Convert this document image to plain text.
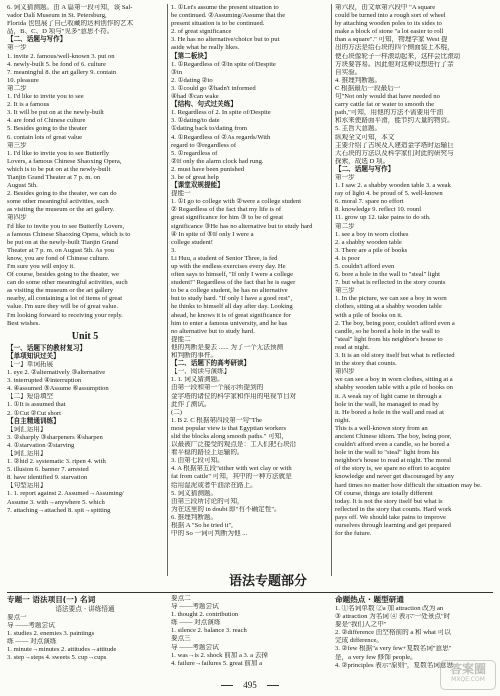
6. 词义猜测题。由 A 篇第一段可知，该 Sal-
vador Dalí Museum in St. Petersburg,
Florida 也包展了自己收藏的达利创作的艺术
品，B、C、D 项与"见多"意思不符。
【二、话题与写作】
第一步
1. invite 2. famous/well-known 3. put on
4. newly-built 5. be fond of 6. culture
7. meaningful 8. the art gallery 9. contain
10. pleasure
第二步
1. I'd like to invite you to see
2. It is a famous
3. It will be put on at the newly-built
4. are fond of Chinese culture
5. Besides going to the theater
6. contain lots of great value
第三步
1. I'd like to invite you to see Butterfly
Lovers, a famous Chinese Shaoxing Opera,
which is to be put on at the newly-built
Tianjin Grand Theater at 7 p. m. on
August 5th.
2. Besides going to the theater, we can do
some other meaningful activities, such
as visiting the museum or the art gallery.
第四步
I'd like to invite you to see Butterfly Lovers,
a famous Chinese Shaoxing Opera, which is to
be put on at the newly-built Tianjin Grand
Theater at 7 p. m. on August 5th. As you
know, you are fond of Chinese culture.
I'm sure you will enjoy it.
Of course, besides going to the theater, we
can do some other meaningful activities, such
as visiting the museum or the art gallery
nearby, all containing a lot of items of great
value. I'm sure they will be of great value.
I'm looking forward to receiving your reply.
Best wishes.
Unit 5
【一、话题下的教材复习】
【单项知识过关】
【一】单词拓展
1. eye 2. ②alternatively ③alternative
3. interrupted ④interruption
4. ④assumed ⑤Assume ⑥assumption
【二】短语填空
1. ①It is assumed that
2. ①Cut ②Cut short
【自主精通训练】
【词汇运用】
3. ②sharply ③sharpeners ④sharpen
4. ①starvation ②starving
【词汇运用】
1. ②hid 2. systematic 3. ripen 4. with
5. illusion 6. banner 7. arrested
8. have identified 9. starvation
【句型运用】
1. 1. report against 2. Assumed→Assuming/
Assume 3. with→anywhere 5. which
7. attaching→attached 8. spit→spitting
1. ①Let's assume the present situation to
be continued. ②Assuming/Assume that the
present situation is to be continued.
2. of great significance
3. He has no alternative/choice but to put
aside what he really likes.
【第二板块】
1. ①Regardless of ②In spite of/Despite
③in
2. ①dating ②to
3. ①could go ②hadn't informed
④had ⑤can wake
【结构、句式过关练】
1. Regardless of 2. In spite of/Despite
3. ①dating/to date
①dating back to/dating from
4. ①Regardless of ②As regards/With
regard to ③regardless of
5. ①regardless of
②If only the alarm clock had rung.
2. must have been punished
3. be of great help
【课堂双规提能】
提能一
1. ①I go to college with ②were a college student
② Regardless of the fact that my life is of
great significance for him ③ to be of great
significance ③He has no alternative but to study hard
④ In spite of ⑤If only I were a
college student!
3.
Li Huu, a student of Senior Three, is fed
up with the endless exercises every day. He
often says to himself, "If only I were a college
student!" Regardless of the fact that he is eager
to be a college student, he has no alternative
but to study hard. "If only I have a good rest",
he thinks to himself all day after day. Looking
ahead, he knows it is of great significance for
him to enter a famous university, and he has
no alternative but to study hard.
提能二
他的判断是要去 ...... 为了一个无法预测
和判断的事件。
【二、话题下的高考研读】
【一、阅读与演练】
1. 1. 词义猜测题。
由第一段和第一个展示所提到的
金字塔的诸位的科学家和作用的电视节目对
此作了测试。
(二)
1. B 2. C 根据第四段第一句"The
most popular view is that Egyptian workers
slid the blocks along smooth paths." 可知，
以最被广泛接受的观点是：工人们把石块沿
着平稳的路径上运输的。
3. 由第七段可知。
4. A 根据第五段"either with wet clay or with
fat from cattle" 可知，其中的一种方法就是
给用湿泥或者牛油涂在路上。
5. 词义猜测题。
由第三段所讨论的可知，
为在这里的 in doubt 即"有不确定性"。
6. 推理判断题。
根据 A "So he tried it",
中的 So 一词可判断为他 ...
第六段，由文章第六段中 "A square
could be turned into a rough sort of wheel
by attaching wooden poles to its sides to
make a block of stone "a lot easier to roll
than a square"." 可知，物理学家 West 提
出的方法是给石块的四个侧面装上木棍，
使石块像轮子一样滚动起来，这样会比滚动
方块要容易。因此他对这种设想进行了亲
自实验。
4. 推理判断题。
C 根据最后一段最后一
句"Not only would that have needed no
carry cattle fat or water to smooth the
path,"可知，用他的方法不需要用牛油
和水来使路面平滑，能节约大量的物资。
5. 主旨大意题。
纵观全文可知，本文
主要介绍了古埃及人建造金字塔时运输巨
大石块的方法以及科学家们对此的研究与
探索，故选 D 项。
【二、话题与写作】
第一步
1. I saw 2. a shabby wooden table 3. a weak
ray of light 4. be proud of 5. well-known
6. moral 7. spare no effort
8. knowledge 9. reflect 10. rounl
11. grow up 12. take pains to do sth.
第二步
1. see a boy in worn clothes
2. a shabby wooden table
3. There are a pile of books
4. is poor
5. couldn't afford even
6. bore a hole in the wall to "steal" light
7. but what is reflected in the story counts
第三步
1. In the picture, we can see a boy in worn
clothes, sitting at a shabby wooden table
with a pile of books on it.
2. The boy, being poor, couldn't afford even a
candle, so he bored a hole in the wall to
"steal" light from his neighbor's house to
read at night.
3. It is an old story itself but what is reflected
in the story that counts.
第四步
we can see a boy in worn clothes, sitting at a
shabby wooden table with a pile of books on
it. A weak ray of light came in through a
hole in the wall, he managed to read by
it. He bored a hole in the wall and read at
night.
This is a well-known story from an
ancient Chinese idiom. The boy, being poor,
couldn't afford even a candle, so he bored a
hole in the wall to "steal" light from his
neighbor's house to read at night. The moral
of the story is, we spare no effort to acquire
knowledge and never get discouraged by any
hard times no matter how difficult the situation may be.
Of course, things are totally different
today. It is not the story itself but what is
reflected in the story that counts. Hard work
pays off. We should take pains to improve
ourselves through learning and get prepared
for the future.
语法专题部分
专题一 语法项目(一) 名词
语法要点 · 讲练悟通
要点一
导 ——考题尝试
1. studies 2. enemies 3. paintings
练 —— 对点演练
1. minute→minutes 2. attitudes→attitude
3. step→steps 4. sweets 5. cup→cups
要点二
导 ——考题尝试
1. thought 2. contribution
练 —— 对点演练
1. silence 2. balance 3. reach
要点三
导 ——考题尝试
1. was→is 2. shock 前加 a 3. a 去掉
4. failure→failures 5. great 前加 a
命题热点 · 题型研通
1. ①名词单数 ②a 加 attraction 改为 an
③ attraction 为名词 ④ 表示"一处景点"时
要是"我们人之中"
2. ②difference 由空格前的 a 和 what 可以
完成 difference。
3. ②few 根据"a very few+复数名词"意思"
是，a very few 修饰 people。
4. ②principles 表示"原则"，复数名词意思
495
答案圈
MXQE.COM
